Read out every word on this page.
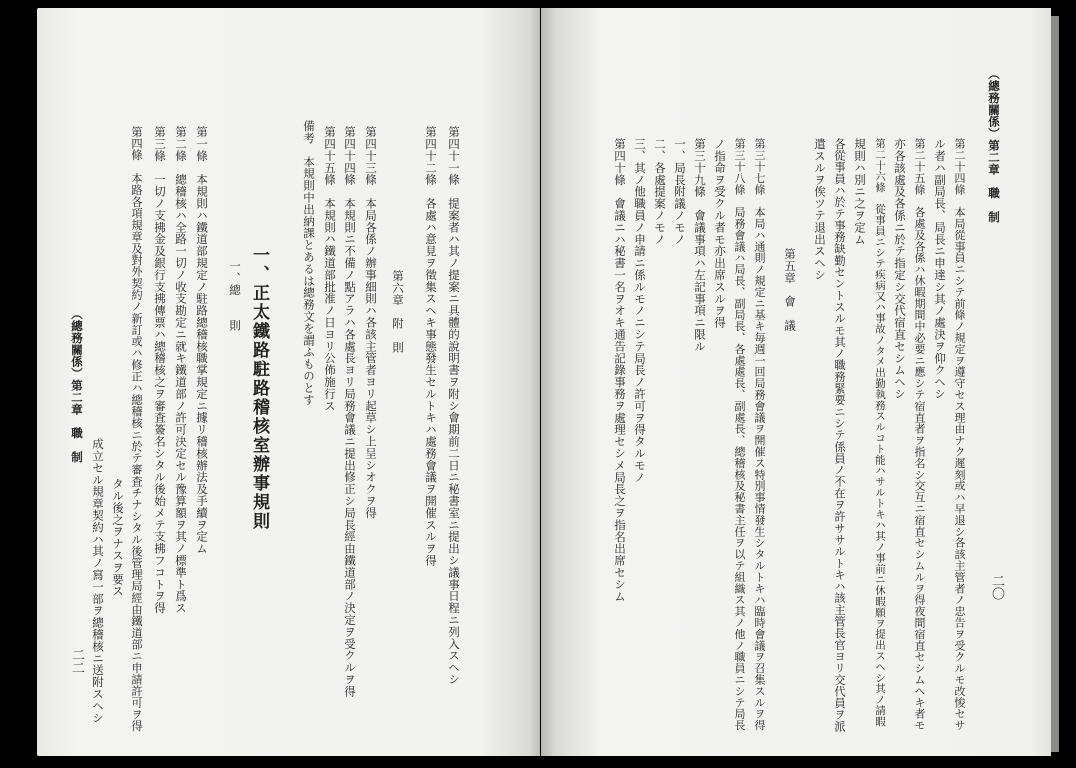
（總務關係）第二章　職　制
二二 成立セル規章契約ハ其ノ寫一部ヲ總稽核ニ送附スヘシ タル後之ヲナスヲ要ス 第四條　本路各項規章及對外契約ノ新訂或ハ修正ハ總稽核ニ於テ審査チナシタル後管理局經由鐵道部ニ申請許可ヲ得 第三條　一切ノ支拂金及銀行支拂傳票ハ總稽核之ヲ審査簽名シタル後始メテ支拂フコトヲ得 第二條　總稽核ハ全路一切ノ收支勘定ニ就キ鐵道部ノ許可決定セル豫算額ヲ其ノ標準ト爲ス 第一條　本規則ハ鐵道部規定ノ駐路總稽核職掌規定ニ據リ稽核辦法及手續ヲ定ム 一、總　　則 一、正太鐵路駐路稽核室辦事規則	備考　本規則中出納課とあるは總務文を謂ふものとす 第四十五條　本規則ハ鐵道部批准ノ日ヨリ公佈施行ス 第四十四條　本規則ニ不備ノ點アラハ各處長ヨリ局務會議ニ提出修正シ局長經由鐵道部ノ決定ヲ受クルヲ得 第四十三條　本局各係ノ辦事細則ハ各該主管者ヨリ起草シ上呈シオクヲ得 第六章　附　則 第四十二條　各處ハ意見ヲ徵集スヘキ事態發生セルトキハ處務會議ヲ開催スルヲ得 第四十一條　提案者ハ其ノ提案ニ具體的說明書ヲ附シ會期前二日ニ秘書室ニ提出シ議事日程ニ列入スヘシ	第四十條　會議ニハ秘書一名ヲオキ通告記錄事務ヲ處理セシメ局長之ヲ指名出席セシム 三、其ノ他職員ノ申請ニ係ルモノニシテ局長ノ許可ヲ得タルモノ 二、各處提案ノモノ 一、局長附議ノモノ 第三十九條　會議事項ハ左記事項ニ限ル ノ指命ヲ受クル者モ亦出席スルヲ得 第三十八條　局務會議ハ局長、副局長、各處處長、副處長、總稽核及秘書主任ヲ以テ組織ス其ノ他ノ職員ニシテ局長 第三十七條　本局ハ通則ノ規定ニ基キ毎週一回局務會議ヲ開催ス特別事情發生シタルトキハ臨時會議ヲ召集スルヲ得 第五章　會　議
遣スルヲ俟ツテ退出スヘシ 各從事員ハ於テ事務缺勤セントスルモ其ノ職務緊要ニシテ係員ノ不在ヲ許ササルトキハ該主管長官ヨリ交代員ヲ派 規則ハ別ニ之ヲ定ム 第二十六條　從事員ニシテ疾病又ハ事故ノタメ出勤執務スルコト能ハサルトキハ其ノ事前ニ休暇願ヲ提出スヘシ其ノ請暇 亦各該處及各係ニ於テ指定シ交代宿直セシムヘシ 第二十五條　各處及各係ハ休暇期間中必要ニ應シテ宿直者ヲ指名シ交互ニ宿直セシムルヲ得夜間宿直セシムヘキ者モ ル者ハ副局長、局長ニ申達シ其ノ處決ヲ仰クヘシ 第二十四條　本局從事員ニシテ前條ノ規定ヲ遵守セス理由ナク遲刻或ハ早退シ各該主管者ノ忠告ヲ受クルモ改悛セサ
（總務關係）第二章　職　制
二〇
